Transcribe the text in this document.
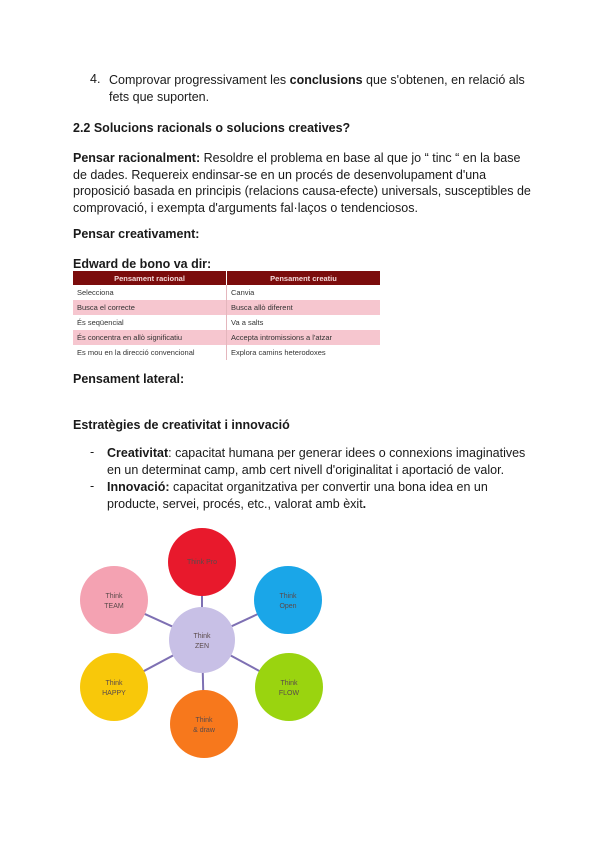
4. Comprovar progressivament les conclusions que s'obtenen, en relació als fets que suporten.

2.2 Solucions racionals o solucions creatives?

Pensar racionalment: Resoldre el problema en base al que jo “ tinc “ en la base de dades. Requereix endinsar-se en un procés de desenvolupament d'una proposició basada en principis (relacions causa-efecte) universals, susceptibles de comprovació, i exempta d'arguments fal·laços o tendenciosos.

Pensar creativament:

Edward de bono va dir:

Pensament racional	Pensament creatiu
Selecciona	Canvia
Busca el correcte	Busca allò diferent
És seqüencial	Va a salts
És concentra en allò significatiu	Accepta intromissions a l'atzar
Es mou en la direcció convencional	Explora camins heterodoxes

Pensament lateral:

Estratègies de creativitat i innovació

- Creativitat: capacitat humana per generar idees o connexions imaginatives en un determinat camp, amb cert nivell d'originalitat i aportació de valor.

- Innovació: capacitat organitzativa per convertir una bona idea en un producte, servei, procés, etc., valorat amb èxit.

Think Pro
Think Open
Think FLOW
Think & draw
Think HAPPY
Think TEAM
Think ZEN
